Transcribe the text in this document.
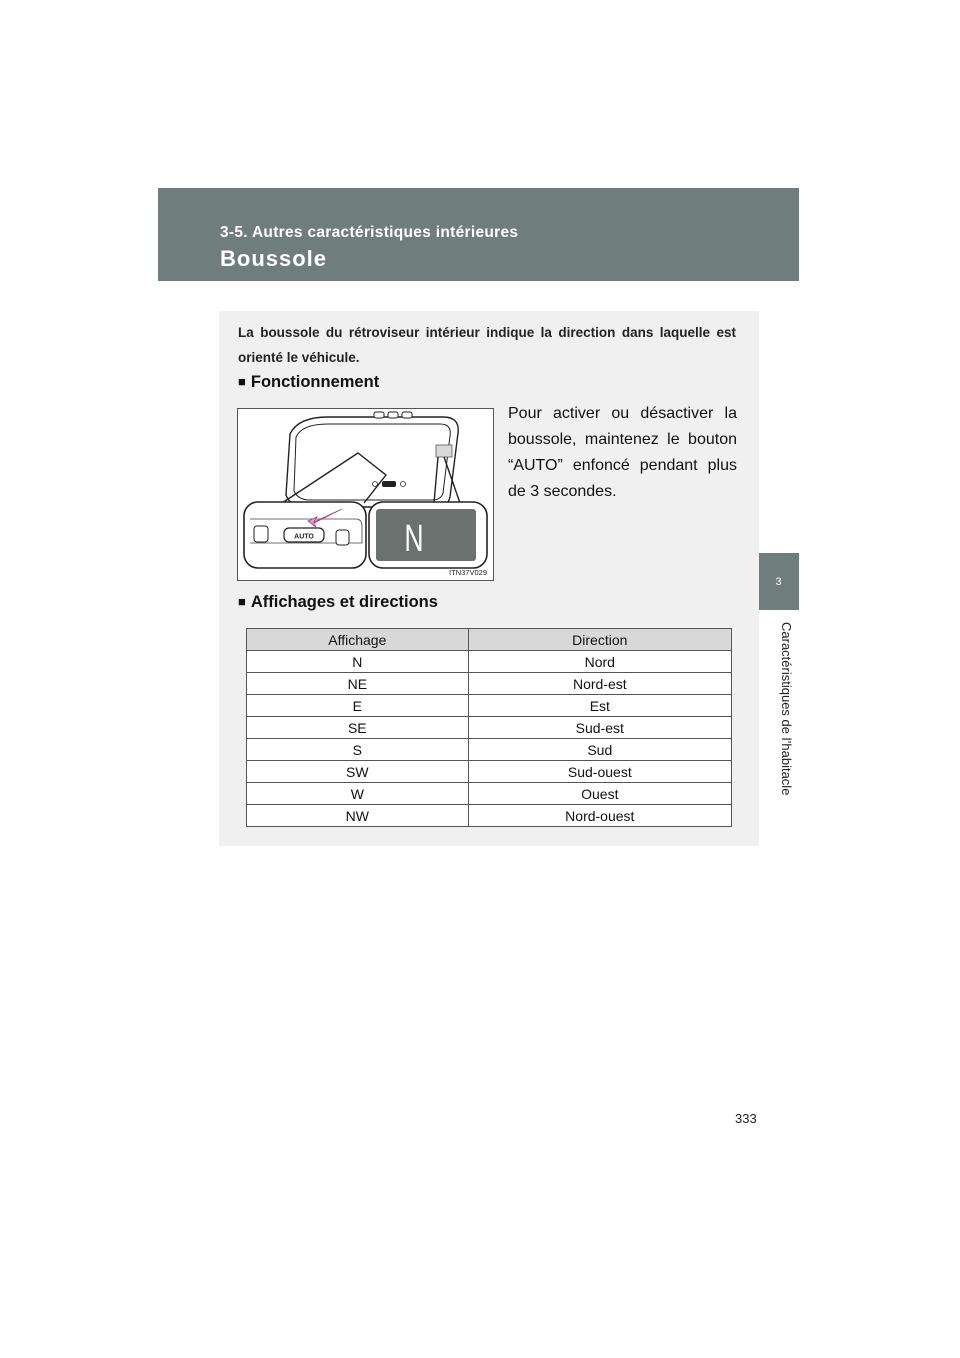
3-5. Autres caractéristiques intérieures
Boussole
3
Caractéristiques de l’habitacle
La boussole du rétroviseur intérieur indique la direction dans laquelle est orienté le véhicule.
■ Fonctionnement
AUTO N
ITN37V029
Pour activer ou désactiver la boussole, maintenez le bouton “AUTO” enfoncé pendant plus de 3 secondes.
■ Affichages et directions
Affichage	Direction
N	Nord
NE	Nord-est
E	Est
SE	Sud-est
S	Sud
SW	Sud-ouest
W	Ouest
NW	Nord-ouest
333
